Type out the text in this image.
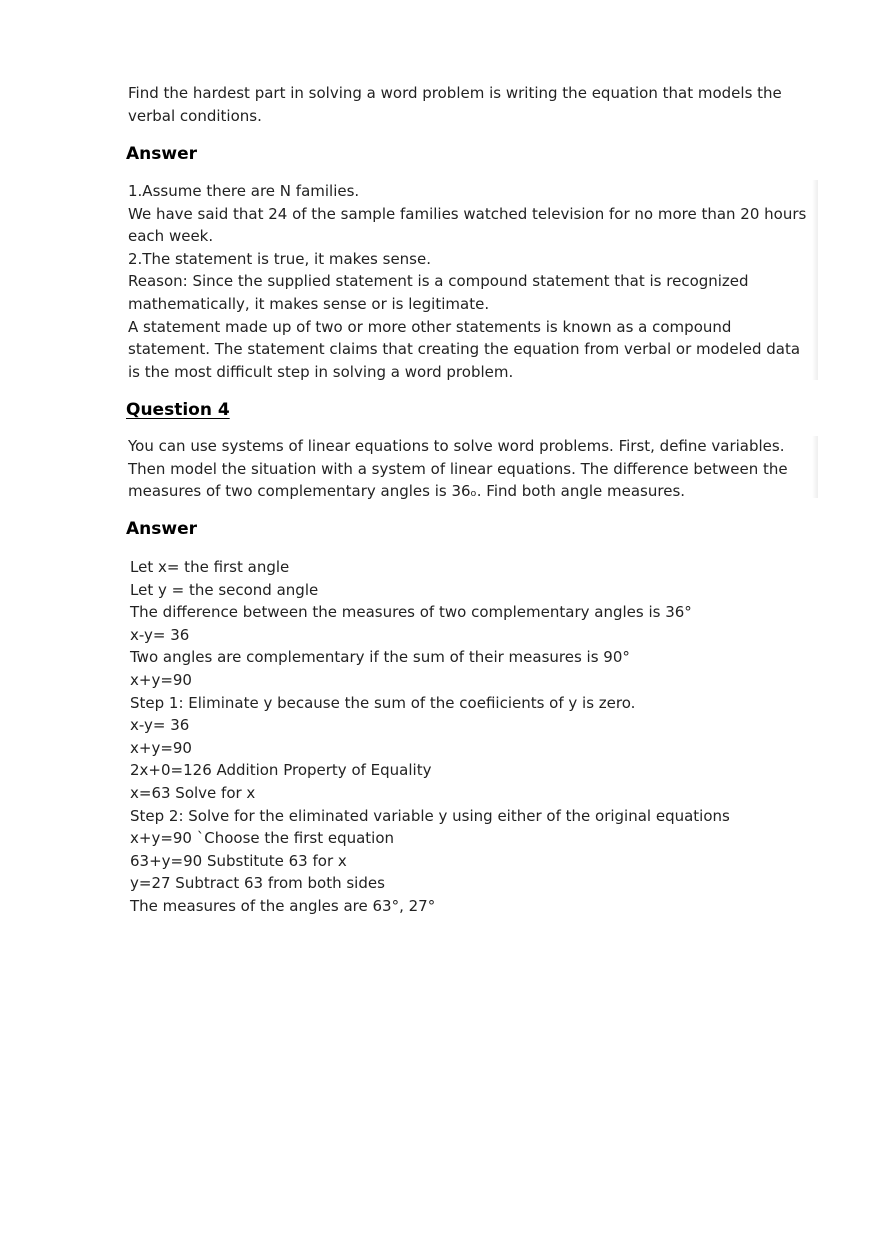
Find the hardest part in solving a word problem is writing the equation that models the

verbal conditions.

Answer

1.Assume there are N families.

We have said that 24 of the sample families watched television for no more than 20 hours

each week.

2.The statement is true, it makes sense.

Reason: Since the supplied statement is a compound statement that is recognized

mathematically, it makes sense or is legitimate.

A statement made up of two or more other statements is known as a compound

statement. The statement claims that creating the equation from verbal or modeled data

is the most difficult step in solving a word problem.

Question 4

You can use systems of linear equations to solve word problems. First, define variables.

Then model the situation with a system of linear equations. The difference between the

measures of two complementary angles is 36ₒ. Find both angle measures.

Answer

Let x= the first angle

Let y = the second angle

The difference between the measures of two complementary angles is 36°

x-y= 36

Two angles are complementary if the sum of their measures is 90°

x+y=90

Step 1: Eliminate y because the sum of the coefiicients of y is zero.

x-y= 36

x+y=90

2x+0=126 Addition Property of Equality

x=63 Solve for x

Step 2: Solve for the eliminated variable y using either of the original equations

x+y=90 `Choose the first equation

63+y=90 Substitute 63 for x

y=27 Subtract 63 from both sides

The measures of the angles are 63°, 27°
